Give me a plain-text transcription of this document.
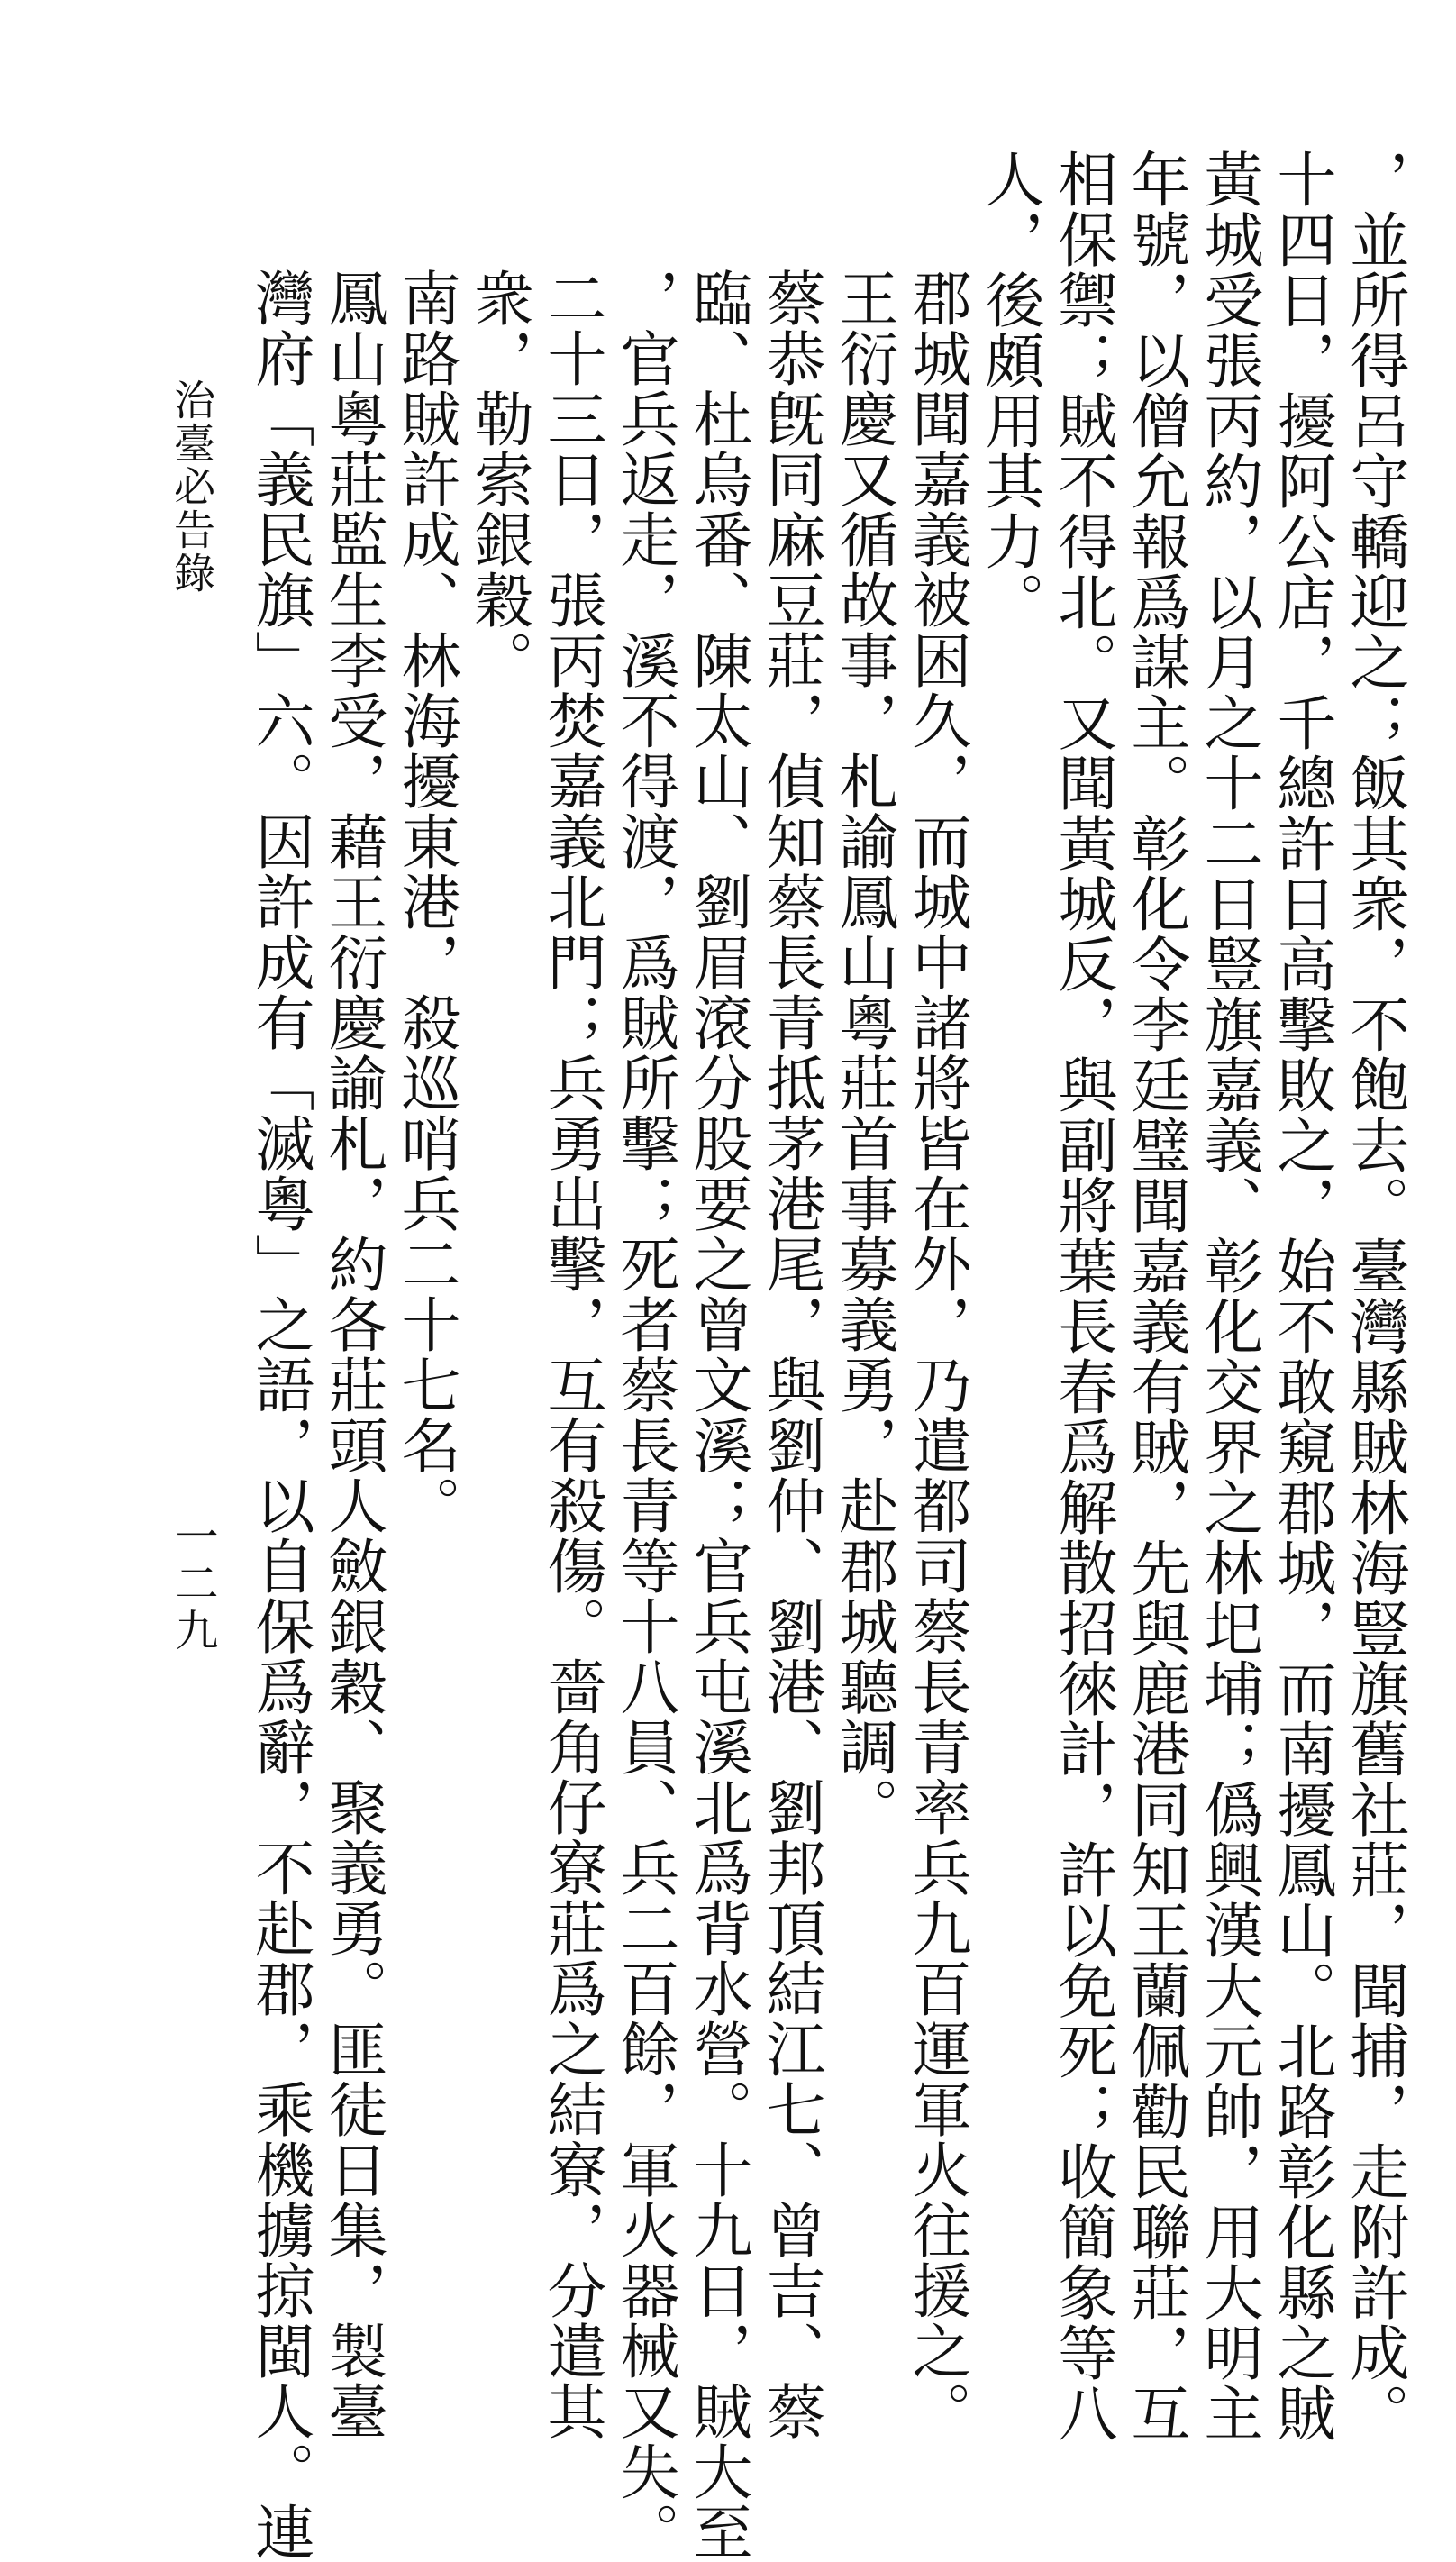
，並所得呂守轎迎之；飯其衆，不飽去。臺灣縣賊林海豎旗舊社莊，聞捕，走附許成。
十四日，擾阿公店，千總許日高擊敗之，始不敢窺郡城，而南擾鳳山。北路彰化縣之賊
黃城受張丙約，以月之十二日豎旗嘉義、彰化交界之林圯埔；僞興漢大元帥，用大明主
年號，以僧允報爲謀主。彰化令李廷璧聞嘉義有賊，先與鹿港同知王蘭佩勸民聯莊，互
相保禦；賊不得北。又聞黃城反，與副將葉長春爲解散招徠計，許以免死；收簡象等八
人，後頗用其力。

郡城聞嘉義被困久，而城中諸將皆在外，乃遣都司蔡長青率兵九百運軍火往援之。
王衍慶又循故事，札諭鳳山粵莊首事募義勇，赴郡城聽調。

蔡恭旣同麻豆莊，偵知蔡長青抵茅港尾，與劉仲、劉港、劉邦頂結江七、曾吉、蔡
臨、杜烏番、陳太山、劉眉滾分股要之曾文溪；官兵屯溪北爲背水營。十九日，賊大至
，官兵返走，溪不得渡，爲賊所擊；死者蔡長青等十八員、兵二百餘，軍火器械又失。
二十三日，張丙焚嘉義北門；兵勇出擊，互有殺傷。嗇角仔寮莊爲之結寮，分遣其
衆，勒索銀穀。

南路賊許成、林海擾東港，殺巡哨兵二十七名。
鳳山粵莊監生李受，藉王衍慶諭札，約各莊頭人斂銀穀、聚義勇。匪徒日集，製臺
灣府「義民旗」六。因許成有「滅粵」之語，以自保爲辭，不赴郡，乘機擄掠閩人。連

治臺必告錄
一二九
